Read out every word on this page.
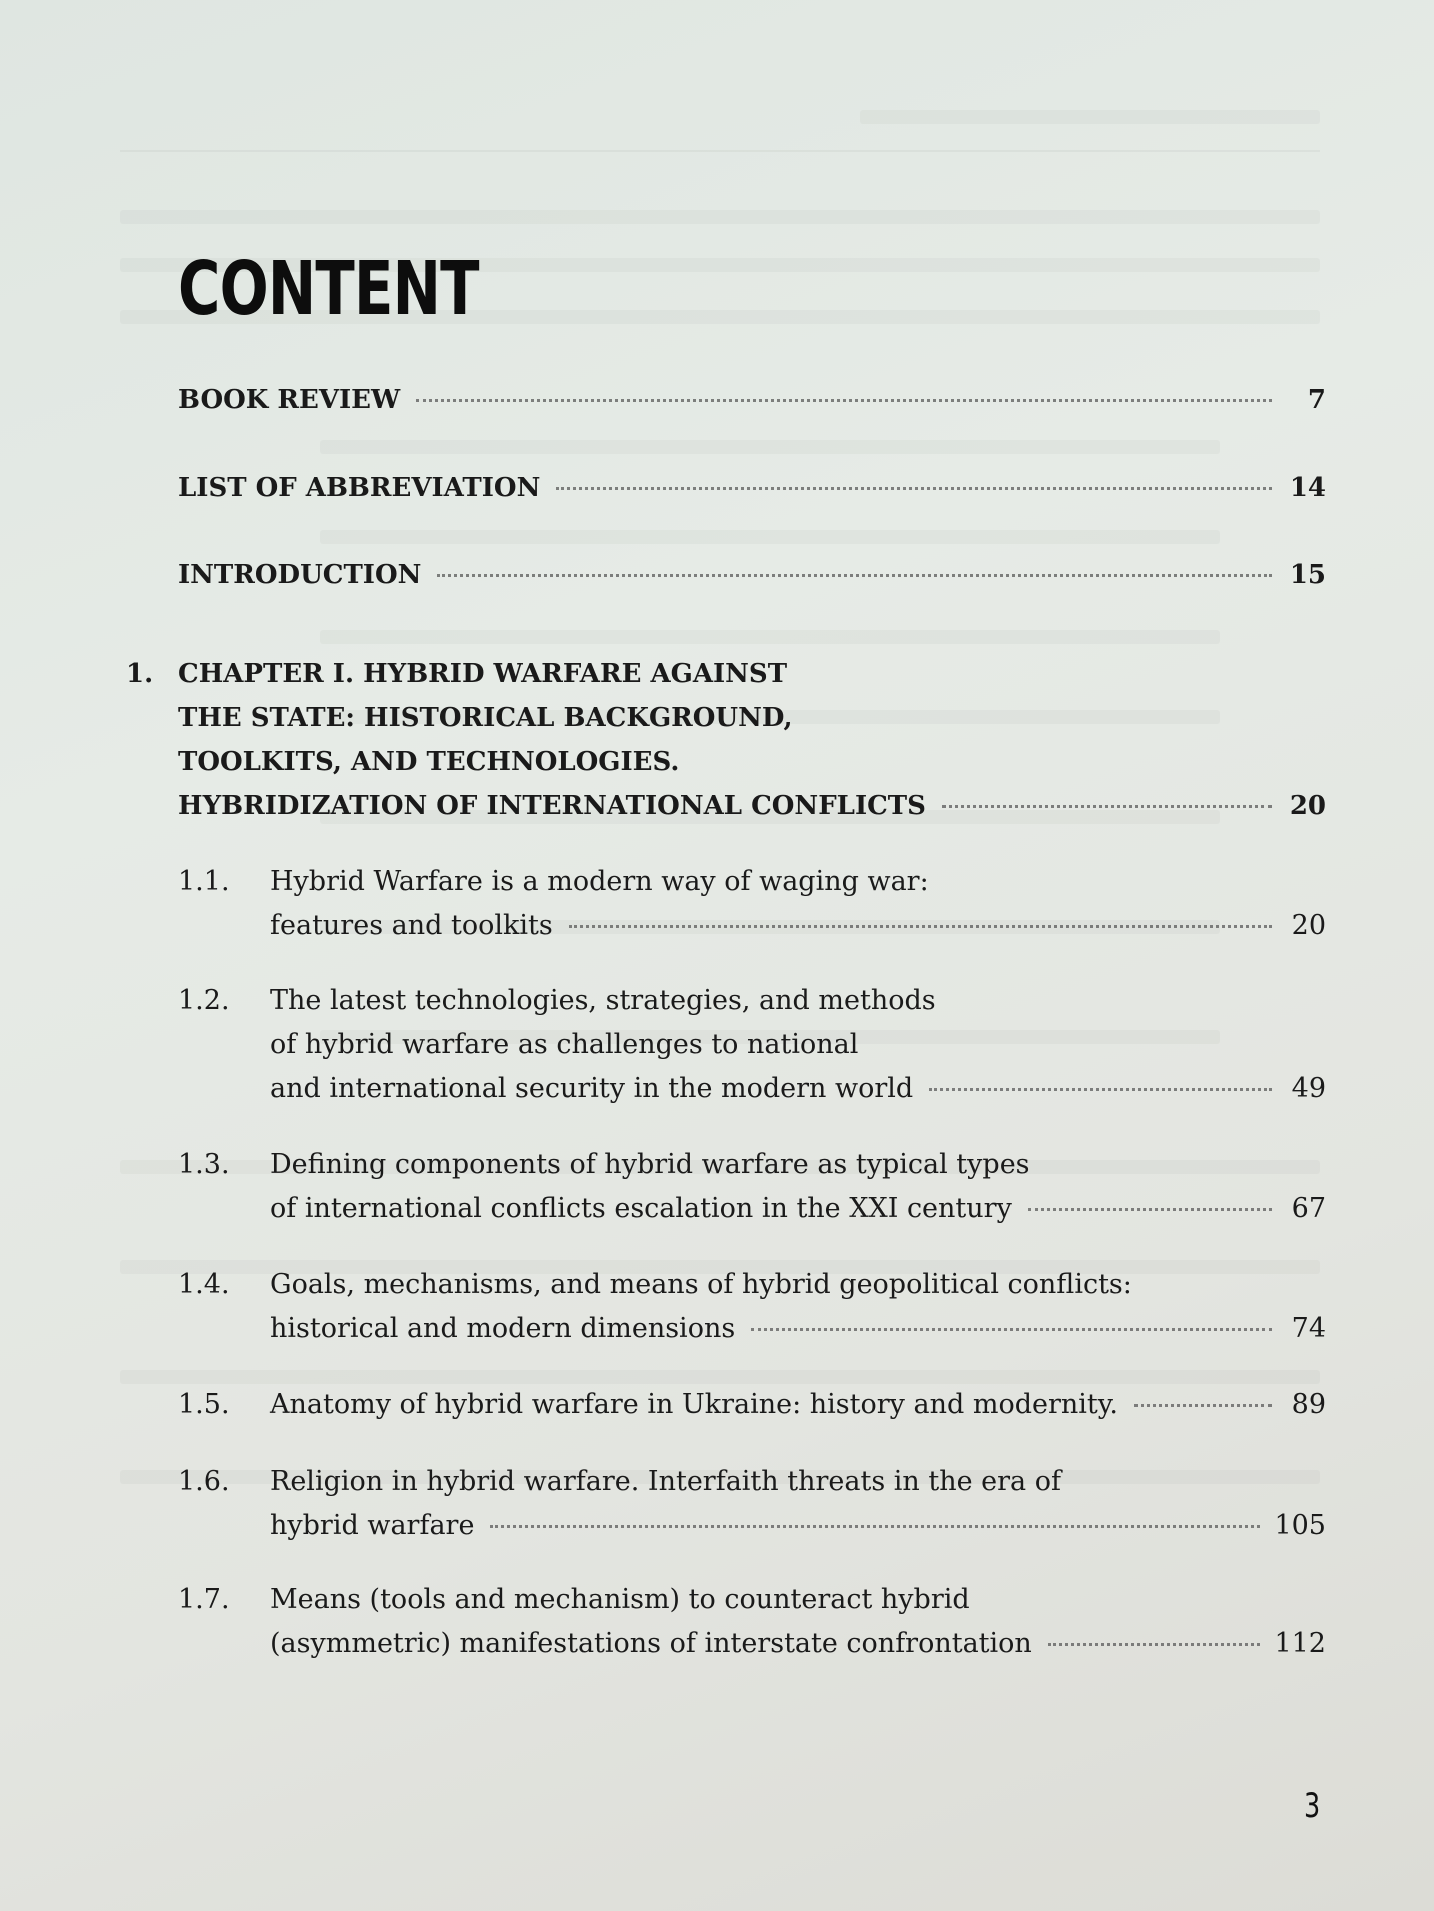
CONTENT
BOOK REVIEW	7
LIST OF ABBREVIATION	14
INTRODUCTION	15
1. CHAPTER I. HYBRID WARFARE AGAINST
THE STATE: HISTORICAL BACKGROUND,
TOOLKITS, AND TECHNOLOGIES.
HYBRIDIZATION OF INTERNATIONAL CONFLICTS	20
1.1.	Hybrid Warfare is a modern way of waging war:
features and toolkits	20
1.2.	The latest technologies, strategies, and methods
of hybrid warfare as challenges to national
and international security in the modern world	49
1.3.	Defining components of hybrid warfare as typical types
of international conflicts escalation in the XXI century	67
1.4.	Goals, mechanisms, and means of hybrid geopolitical conflicts:
historical and modern dimensions	74
1.5.	Anatomy of hybrid warfare in Ukraine: history and modernity.	89
1.6.	Religion in hybrid warfare. Interfaith threats in the era of
hybrid warfare	105
1.7.	Means (tools and mechanism) to counteract hybrid
(asymmetric) manifestations of interstate confrontation	112
3
